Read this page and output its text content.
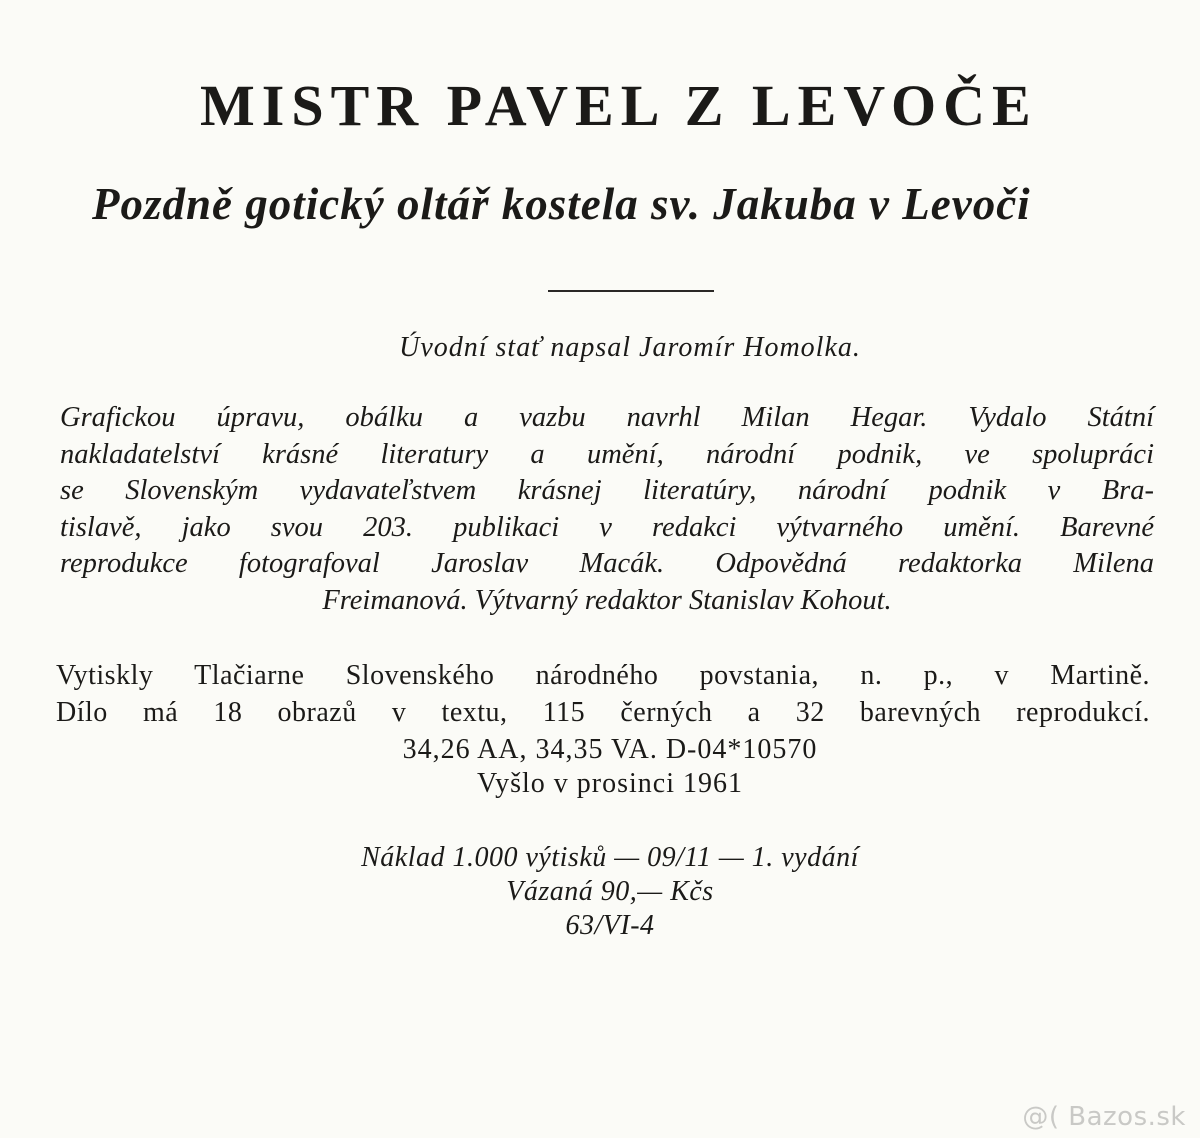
MISTR PAVEL Z LEVOČE
Pozdně gotický oltář kostela sv. Jakuba v Levoči

Úvodní stať napsal Jaromír Homolka.

Grafickou úpravu, obálku a vazbu navrhl Milan Hegar. Vydalo Státní
nakladatelství krásné literatury a umění, národní podnik, ve spolupráci
se Slovenským vydavateľstvem krásnej literatúry, národní podnik v Bra-
tislavě, jako svou 203. publikaci v redakci výtvarného umění. Barevné
reprodukce fotografoval Jaroslav Macák. Odpovědná redaktorka Milena
Freimanová. Výtvarný redaktor Stanislav Kohout.

Vytiskly Tlačiarne Slovenského národného povstania, n. p., v Martině.

Dílo má 18 obrazů v textu, 115 černých a 32 barevných reprodukcí.

34,26 AA, 34,35 VA. D-04*10570

Vyšlo v prosinci 1961

Náklad 1.000 výtisků — 09/11 — 1. vydání

Vázaná 90,— Kčs

63/VI-4

@( Bazos.sk
